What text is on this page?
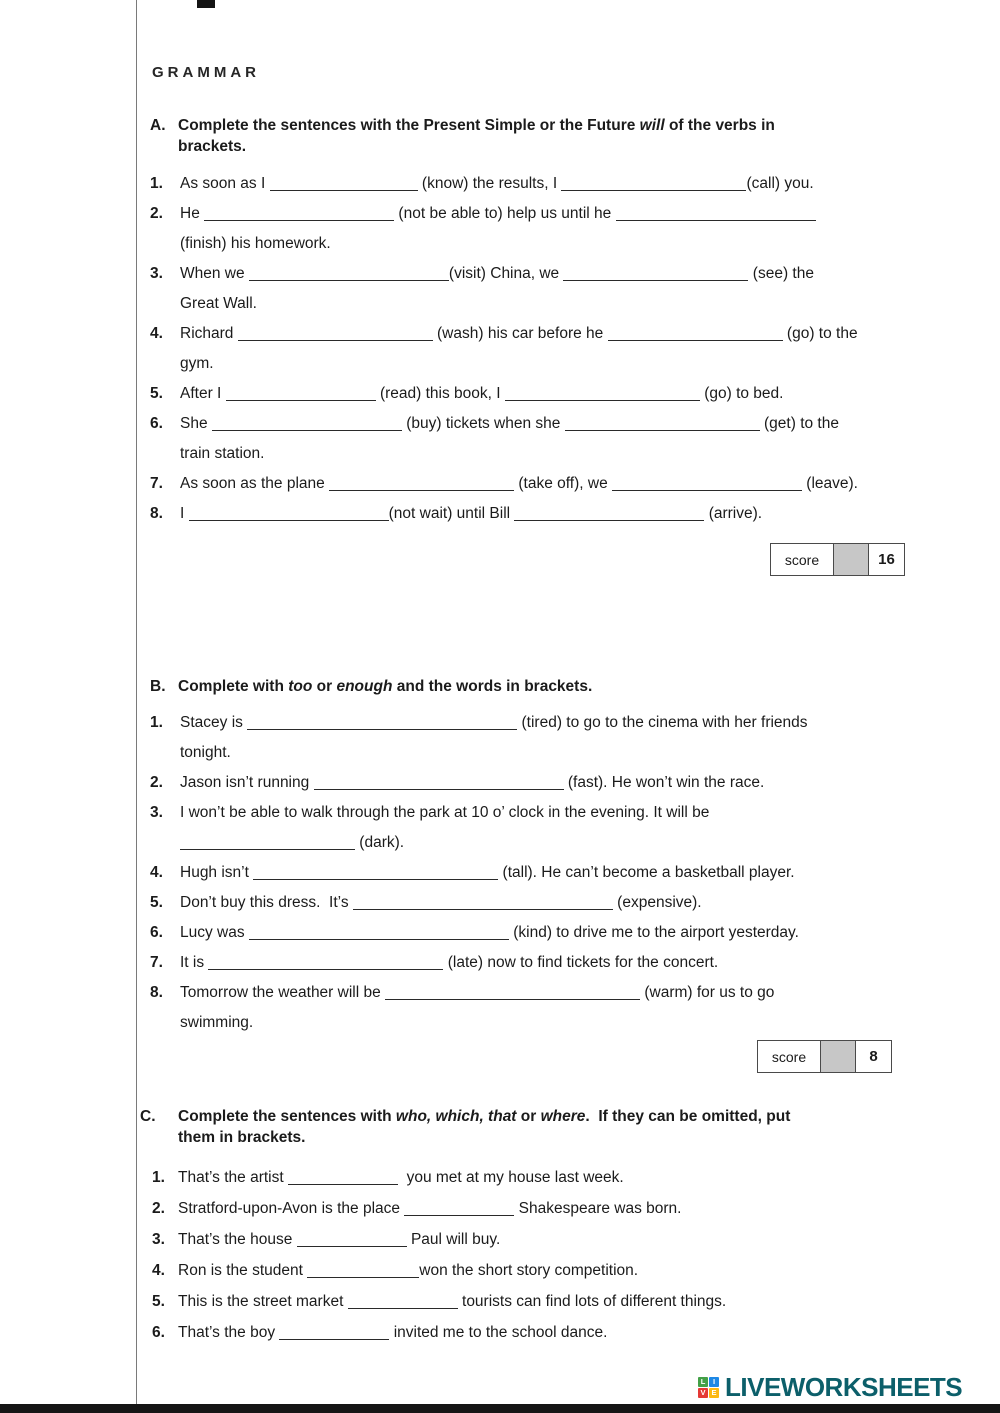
GRAMMAR
A. Complete the sentences with the Present Simple or the Future will of the verbs in
brackets.
1.	As soon as I	(know) the results, I	(call) you.
2.	He	(not be able to) help us until he
(finish) his homework.
3.	When we	(visit) China, we	(see) the
Great Wall.
4.	Richard	(wash) his car before he	(go) to the
gym.
5.	After I	(read) this book, I	(go) to bed.
6.	She	(buy) tickets when she	(get) to the
train station.
7.	As soon as the plane	(take off), we	(leave).
8.	I	(not wait) until Bill	(arrive).
score	16
B. Complete with too or enough and the words in brackets.
1.	Stacey is	(tired) to go to the cinema with her friends
tonight.
2.	Jason isn’t running	(fast). He won’t win the race.
3.	I won’t be able to walk through the park at 10 o’ clock in the evening. It will be
(dark).
4.	Hugh isn’t	(tall). He can’t become a basketball player.
5.	Don’t buy this dress.  It’s	(expensive).
6.	Lucy was	(kind) to drive me to the airport yesterday.
7.	It is	(late) now to find tickets for the concert.
8.	Tomorrow the weather will be	(warm) for us to go
swimming.
score	8
C.	Complete the sentences with who, which, that or where.  If they can be omitted, put
them in brackets.
1. That’s the artist	you met at my house last week.
2. Stratford-upon-Avon is the place	Shakespeare was born.
3. That’s the house	Paul will buy.
4. Ron is the student	won the short story competition.
5. This is the street market	tourists can find lots of different things.
6. That’s the boy	invited me to the school dance.
L	I
V E LIVEWORKSHEETS
